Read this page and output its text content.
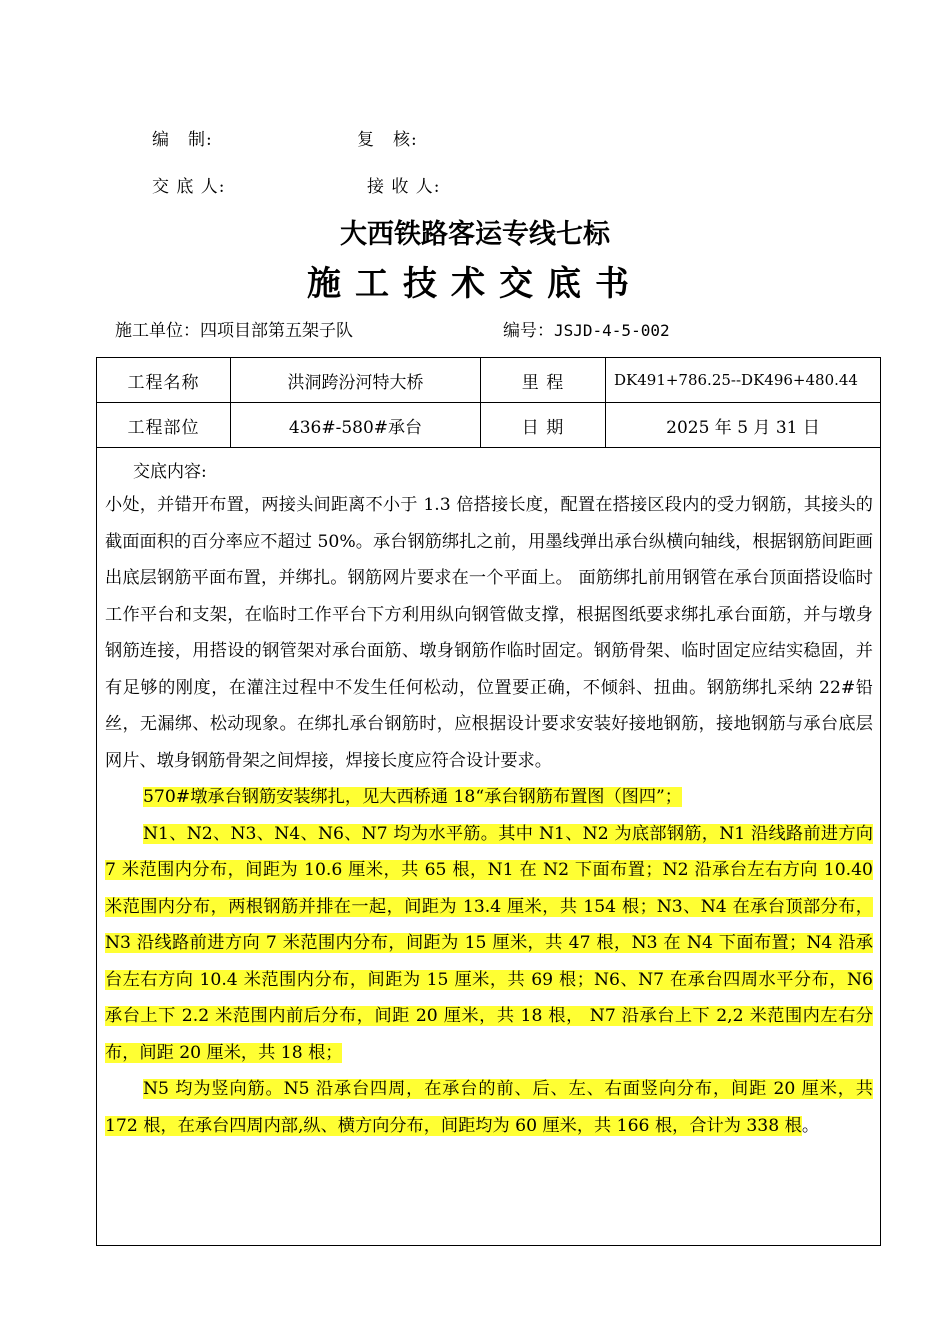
编　制:	复　核:
交 底 人:	接 收 人:
大西铁路客运专线七标
施工技术交底书
施工单位：四项目部第五架子队	编号：JSJD-4-5-002
工程名称	洪洞跨汾河特大桥	里 程	DK491+786.25--DK496+480.44
工程部位	436#-580#承台	日 期	2025 年 5 月 31 日
交底内容:

小处，并错开布置，两接头间距离不小于 1.3 倍搭接长度，配置在搭接区段内的受力钢筋，其接头的截面面积的百分率应不超过 50%。承台钢筋绑扎之前，用墨线弹出承台纵横向轴线，根据钢筋间距画出底层钢筋平面布置，并绑扎。钢筋网片要求在一个平面上。 面筋绑扎前用钢管在承台顶面搭设临时工作平台和支架，在临时工作平台下方利用纵向钢管做支撑，根据图纸要求绑扎承台面筋，并与墩身钢筋连接，用搭设的钢管架对承台面筋、墩身钢筋作临时固定。钢筋骨架、临时固定应结实稳固，并有足够的刚度，在灌注过程中不发生任何松动，位置要正确，不倾斜、扭曲。钢筋绑扎采纳 22#铅丝，无漏绑、松动现象。在绑扎承台钢筋时，应根据设计要求安装好接地钢筋，接地钢筋与承台底层网片、墩身钢筋骨架之间焊接，焊接长度应符合设计要求。

570#墩承台钢筋安装绑扎，见大西桥通 18“承台钢筋布置图（图四”；

N1、N2、N3、N4、N6、N7 均为水平筋。其中 N1、N2 为底部钢筋，N1 沿线路前进方向 7 米范围内分布，间距为 10.6 厘米，共 65 根，N1 在 N2 下面布置；N2 沿承台左右方向 10.40 米范围内分布，两根钢筋并排在一起，间距为 13.4 厘米，共 154 根；N3、N4 在承台顶部分布，N3 沿线路前进方向 7 米范围内分布，间距为 15 厘米，共 47 根，N3 在 N4 下面布置；N4 沿承台左右方向 10.4 米范围内分布，间距为 15 厘米，共 69 根；N6、N7 在承台四周水平分布，N6 承台上下 2.2 米范围内前后分布，间距 20 厘米，共 18 根， N7 沿承台上下 2,2 米范围内左右分布，间距 20 厘米，共 18 根；

N5 均为竖向筋。N5 沿承台四周，在承台的前、后、左、右面竖向分布，间距 20 厘米，共 172 根，在承台四周内部,纵、横方向分布，间距均为 60 厘米，共 166 根，合计为 338 根。
